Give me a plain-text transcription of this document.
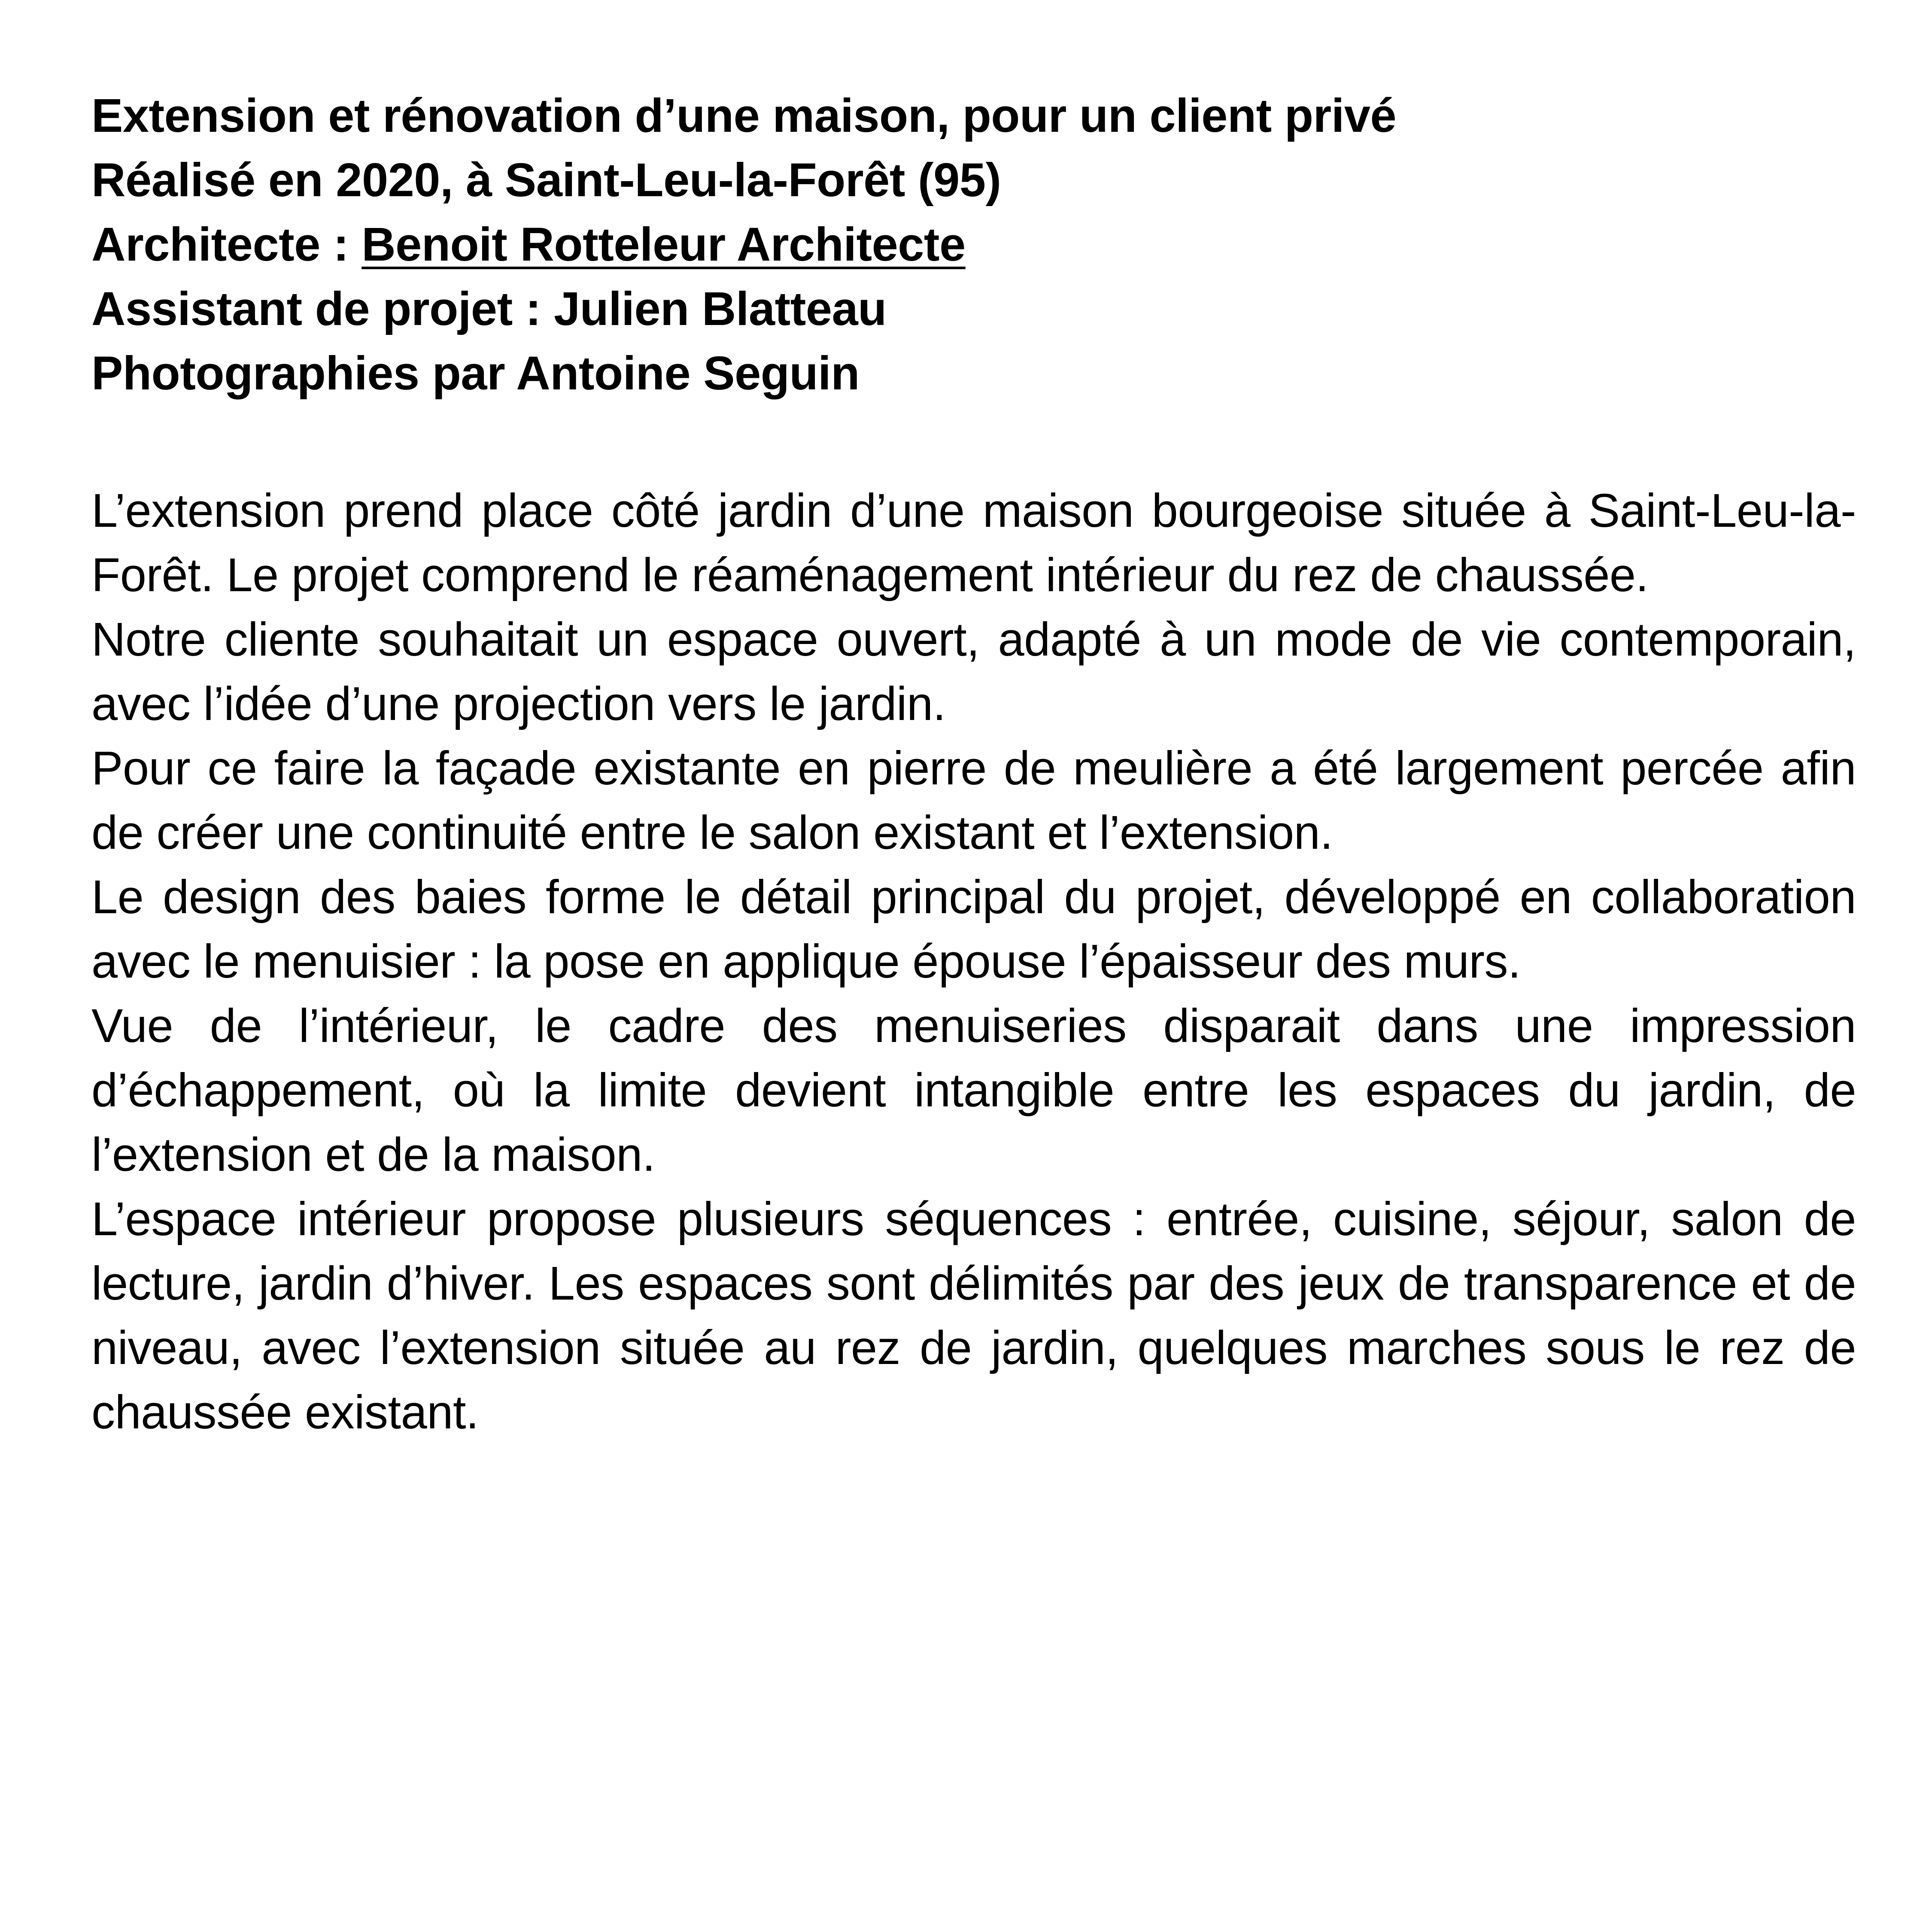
Extension et rénovation d’une maison, pour un client privé
Réalisé en 2020, à Saint-Leu-la-Forêt (95)
Architecte : Benoit Rotteleur Architecte
Assistant de projet : Julien Blatteau
Photographies par Antoine Seguin

L’extension prend place côté jardin d’une maison bourgeoise située à Saint-Leu-la-Forêt. Le projet comprend le réaménagement intérieur du rez de chaussée.

Notre cliente souhaitait un espace ouvert, adapté à un mode de vie contemporain, avec l’idée d’une projection vers le jardin.

Pour ce faire la façade existante en pierre de meulière a été largement percée afin de créer une continuité entre le salon existant et l’extension.

Le design des baies forme le détail principal du projet, développé en collaboration avec le menuisier : la pose en applique épouse l’épaisseur des murs.

Vue de l’intérieur, le cadre des menuiseries disparait dans une impression d’échappement, où la limite devient intangible entre les espaces du jardin, de l’extension et de la maison.

L’espace intérieur propose plusieurs séquences : entrée, cuisine, séjour, salon de lecture, jardin d’hiver. Les espaces sont délimités par des jeux de transparence et de niveau, avec l’extension située au rez de jardin, quelques marches sous le rez de chaussée existant.
